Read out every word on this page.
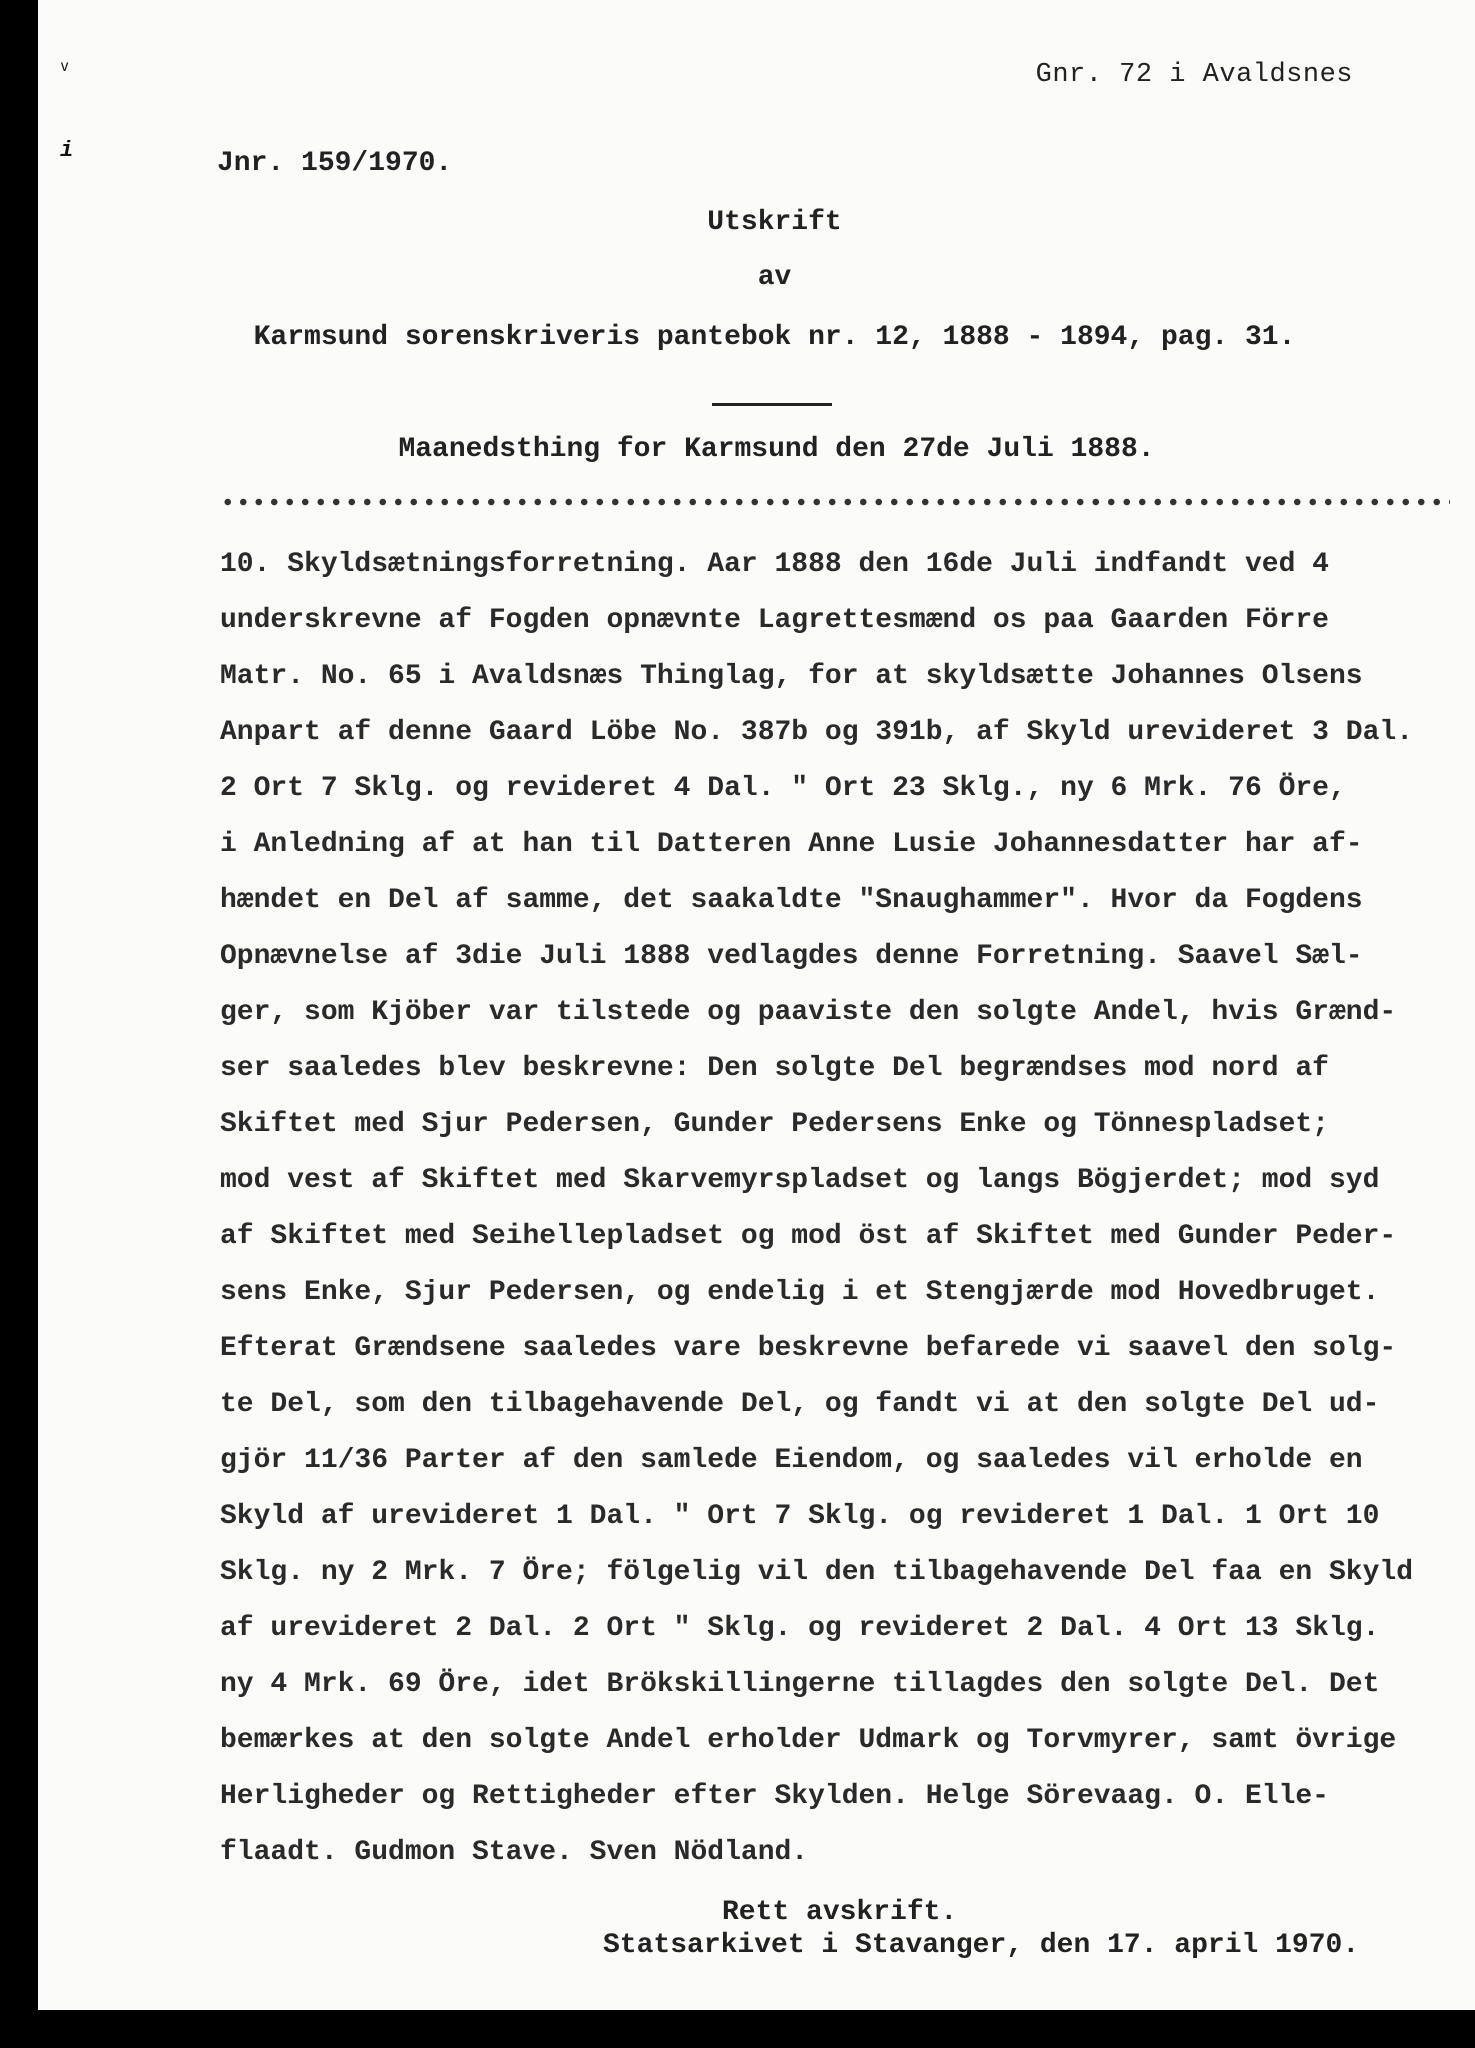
ᵛ
i
Gnr. 72 i Avaldsnes
Jnr. 159/1970.
Utskrift
av
Karmsund sorenskriveris pantebok nr. 12, 1888 - 1894, pag. 31.
Maanedsthing for Karmsund den 27de Juli 1888.
10. Skyldsætningsforretning. Aar 1888 den 16de Juli indfandt ved 4
underskrevne af Fogden opnævnte Lagrettesmænd os paa Gaarden Förre
Matr. No. 65 i Avaldsnæs Thinglag, for at skyldsætte Johannes Olsens
Anpart af denne Gaard Löbe No. 387b og 391b, af Skyld urevideret 3 Dal.
2 Ort 7 Sklg. og revideret 4 Dal. " Ort 23 Sklg., ny 6 Mrk. 76 Öre,
i Anledning af at han til Datteren Anne Lusie Johannesdatter har af-
hændet en Del af samme, det saakaldte "Snaughammer". Hvor da Fogdens
Opnævnelse af 3die Juli 1888 vedlagdes denne Forretning. Saavel Sæl-
ger, som Kjöber var tilstede og paaviste den solgte Andel, hvis Grænd-
ser saaledes blev beskrevne: Den solgte Del begrændses mod nord af
Skiftet med Sjur Pedersen, Gunder Pedersens Enke og Tönnespladset;
mod vest af Skiftet med Skarvemyrspladset og langs Bögjerdet; mod syd
af Skiftet med Seihellepladset og mod öst af Skiftet med Gunder Peder-
sens Enke, Sjur Pedersen, og endelig i et Stengjærde mod Hovedbruget.
Efterat Grændsene saaledes vare beskrevne befarede vi saavel den solg-
te Del, som den tilbagehavende Del, og fandt vi at den solgte Del ud-
gjör 11/36 Parter af den samlede Eiendom, og saaledes vil erholde en
Skyld af urevideret 1 Dal. " Ort 7 Sklg. og revideret 1 Dal. 1 Ort 10
Sklg. ny 2 Mrk. 7 Öre; fölgelig vil den tilbagehavende Del faa en Skyld
af urevideret 2 Dal. 2 Ort " Sklg. og revideret 2 Dal. 4 Ort 13 Sklg.
ny 4 Mrk. 69 Öre, idet Brökskillingerne tillagdes den solgte Del. Det
bemærkes at den solgte Andel erholder Udmark og Torvmyrer, samt övrige
Herligheder og Rettigheder efter Skylden. Helge Sörevaag. O. Elle-
flaadt. Gudmon Stave. Sven Nödland.
Rett avskrift.
Statsarkivet i Stavanger, den 17. april 1970.
